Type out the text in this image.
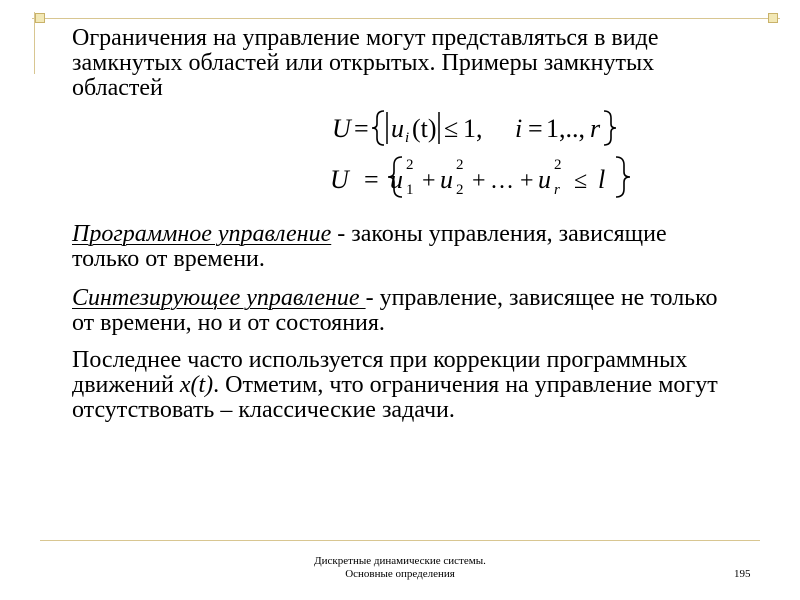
Ограничения на управление могут представляться в виде замкнутых областей или открытых. Примеры замкнутых областей
U = u i (t) ≤ 1, i = 1,.., r
U = u 2
1 + u 2
2 + … + u 2
r ≤ l
Программное управление - законы управления, зависящие только от времени.
Синтезирующее управление - управление, зависящее не только от времени, но и от состояния.
Последнее часто используется при коррекции программных движений x(t). Отметим, что ограничения на управление могут отсутствовать – классические задачи.
Дискретные динамические системы.
Основные определения	195
